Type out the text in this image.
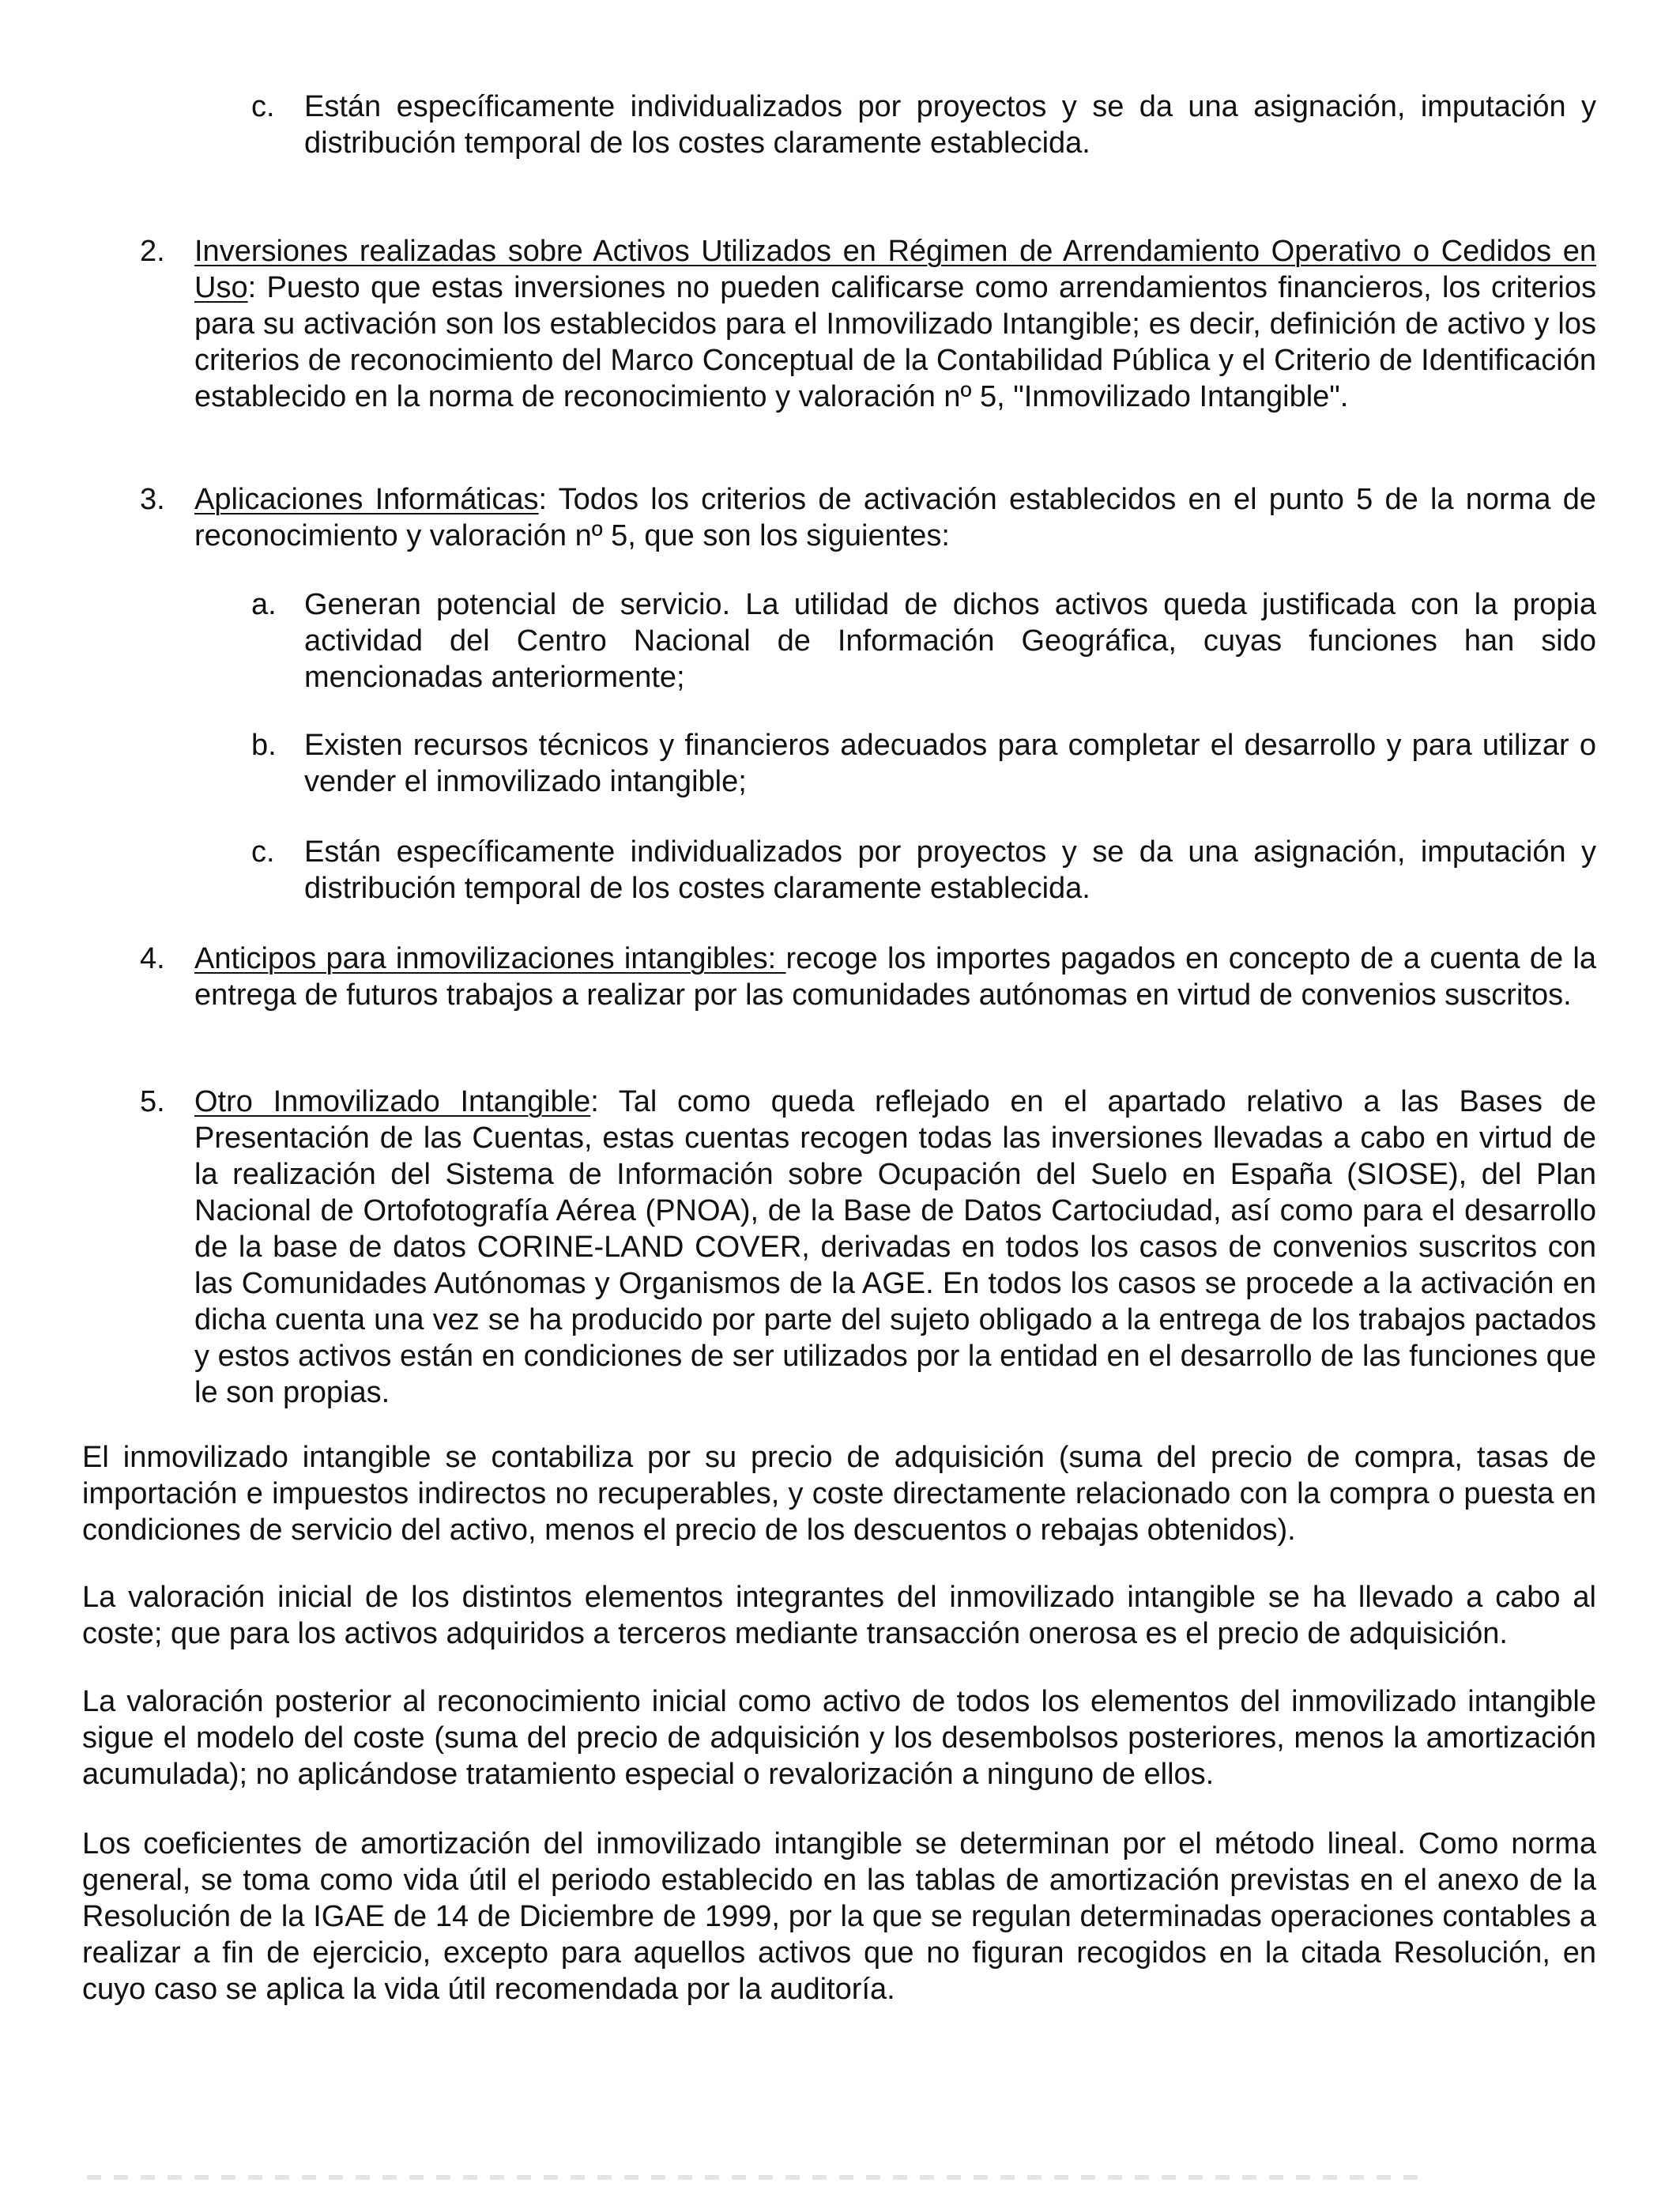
c. Están específicamente individualizados por proyectos y se da una asignación, imputación y distribución temporal de los costes claramente establecida.

2. Inversiones realizadas sobre Activos Utilizados en Régimen de Arrendamiento Operativo o Cedidos en Uso: Puesto que estas inversiones no pueden calificarse como arrendamientos financieros, los criterios para su activación son los establecidos para el Inmovilizado Intangible; es decir, definición de activo y los criterios de reconocimiento del Marco Conceptual de la Contabilidad Pública y el Criterio de Identificación establecido en la norma de reconocimiento y valoración nº 5, "Inmovilizado Intangible".

3. Aplicaciones Informáticas: Todos los criterios de activación establecidos en el punto 5 de la norma de reconocimiento y valoración nº 5, que son los siguientes:

a. Generan potencial de servicio. La utilidad de dichos activos queda justificada con la propia actividad del Centro Nacional de Información Geográfica, cuyas funciones han sido mencionadas anteriormente;

b. Existen recursos técnicos y financieros adecuados para completar el desarrollo y para utilizar o vender el inmovilizado intangible;

c. Están específicamente individualizados por proyectos y se da una asignación, imputación y distribución temporal de los costes claramente establecida.

4. Anticipos para inmovilizaciones intangibles: recoge los importes pagados en concepto de a cuenta de la entrega de futuros trabajos a realizar por las comunidades autónomas en virtud de convenios suscritos.

5. Otro Inmovilizado Intangible: Tal como queda reflejado en el apartado relativo a las Bases de Presentación de las Cuentas, estas cuentas recogen todas las inversiones llevadas a cabo en virtud de la realización del Sistema de Información sobre Ocupación del Suelo en España (SIOSE), del Plan Nacional de Ortofotografía Aérea (PNOA), de la Base de Datos Cartociudad, así como para el desarrollo de la base de datos CORINE-LAND COVER, derivadas en todos los casos de convenios suscritos con las Comunidades Autónomas y Organismos de la AGE. En todos los casos se procede a la activación en dicha cuenta una vez se ha producido por parte del sujeto obligado a la entrega de los trabajos pactados y estos activos están en condiciones de ser utilizados por la entidad en el desarrollo de las funciones que le son propias.

El inmovilizado intangible se contabiliza por su precio de adquisición (suma del precio de compra, tasas de importación e impuestos indirectos no recuperables, y coste directamente relacionado con la compra o puesta en condiciones de servicio del activo, menos el precio de los descuentos o rebajas obtenidos).

La valoración inicial de los distintos elementos integrantes del inmovilizado intangible se ha llevado a cabo al coste; que para los activos adquiridos a terceros mediante transacción onerosa es el precio de adquisición.

La valoración posterior al reconocimiento inicial como activo de todos los elementos del inmovilizado intangible sigue el modelo del coste (suma del precio de adquisición y los desembolsos posteriores, menos la amortización acumulada); no aplicándose tratamiento especial o revalorización a ninguno de ellos.

Los coeficientes de amortización del inmovilizado intangible se determinan por el método lineal. Como norma general, se toma como vida útil el periodo establecido en las tablas de amortización previstas en el anexo de la Resolución de la IGAE de 14 de Diciembre de 1999, por la que se regulan determinadas operaciones contables a realizar a fin de ejercicio, excepto para aquellos activos que no figuran recogidos en la citada Resolución, en cuyo caso se aplica la vida útil recomendada por la auditoría.
